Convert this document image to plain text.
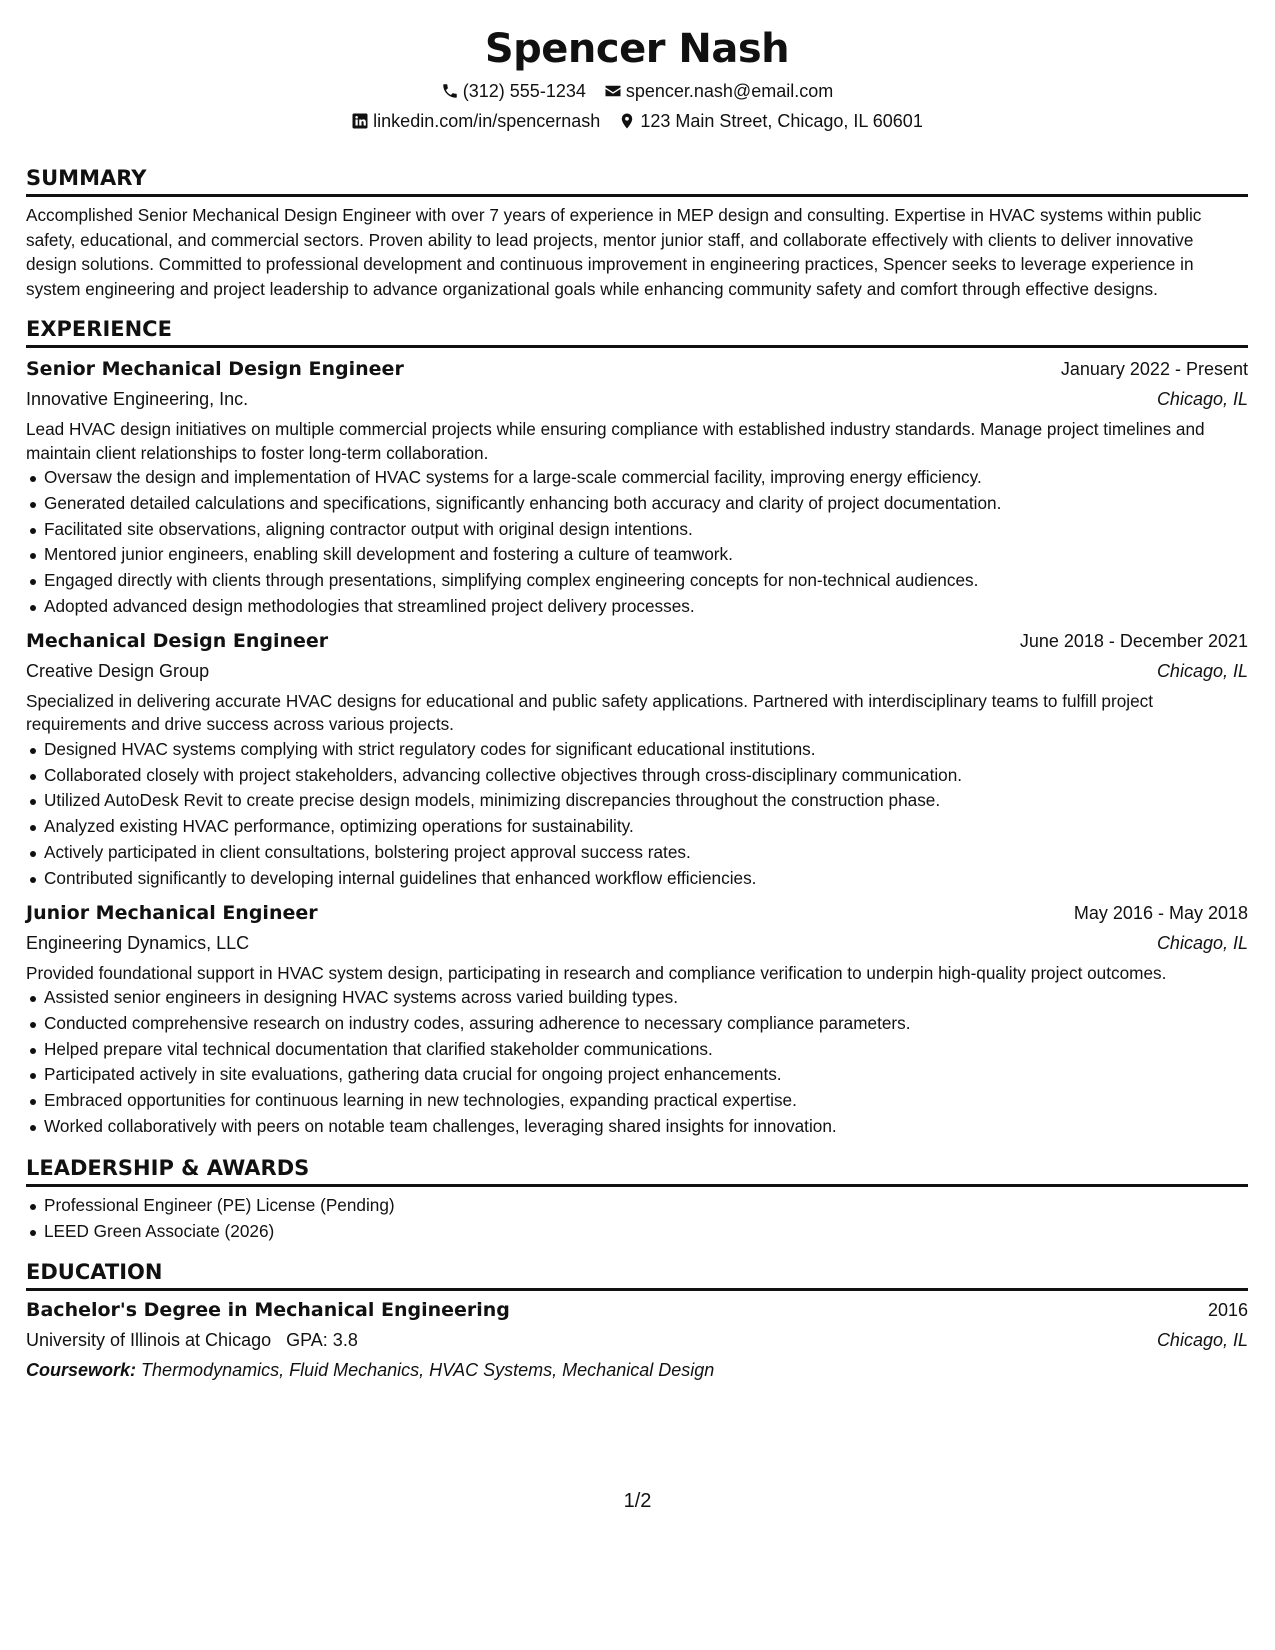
Spencer Nash
(312) 555-1234 spencer.nash@email.com
linkedin.com/in/spencernash 123 Main Street, Chicago, IL 60601
SUMMARY

Accomplished Senior Mechanical Design Engineer with over 7 years of experience in MEP design and consulting. Expertise in HVAC systems within public safety, educational, and commercial sectors. Proven ability to lead projects, mentor junior staff, and collaborate effectively with clients to deliver innovative design solutions. Committed to professional development and continuous improvement in engineering practices, Spencer seeks to leverage experience in system engineering and project leadership to advance organizational goals while enhancing community safety and comfort through effective designs.

EXPERIENCE
Senior Mechanical Design Engineer	January 2022 - Present
Innovative Engineering, Inc.	Chicago, IL

Lead HVAC design initiatives on multiple commercial projects while ensuring compliance with established industry standards. Manage project timelines and maintain client relationships to foster long-term collaboration.

Oversaw the design and implementation of HVAC systems for a large-scale commercial facility, improving energy efficiency.
Generated detailed calculations and specifications, significantly enhancing both accuracy and clarity of project documentation.
Facilitated site observations, aligning contractor output with original design intentions.
Mentored junior engineers, enabling skill development and fostering a culture of teamwork.
Engaged directly with clients through presentations, simplifying complex engineering concepts for non-technical audiences.
Adopted advanced design methodologies that streamlined project delivery processes.
Mechanical Design Engineer	June 2018 - December 2021
Creative Design Group	Chicago, IL

Specialized in delivering accurate HVAC designs for educational and public safety applications. Partnered with interdisciplinary teams to fulfill project requirements and drive success across various projects.

Designed HVAC systems complying with strict regulatory codes for significant educational institutions.
Collaborated closely with project stakeholders, advancing collective objectives through cross-disciplinary communication.
Utilized AutoDesk Revit to create precise design models, minimizing discrepancies throughout the construction phase.
Analyzed existing HVAC performance, optimizing operations for sustainability.
Actively participated in client consultations, bolstering project approval success rates.
Contributed significantly to developing internal guidelines that enhanced workflow efficiencies.
Junior Mechanical Engineer	May 2016 - May 2018
Engineering Dynamics, LLC	Chicago, IL

Provided foundational support in HVAC system design, participating in research and compliance verification to underpin high-quality project outcomes.

Assisted senior engineers in designing HVAC systems across varied building types.
Conducted comprehensive research on industry codes, assuring adherence to necessary compliance parameters.
Helped prepare vital technical documentation that clarified stakeholder communications.
Participated actively in site evaluations, gathering data crucial for ongoing project enhancements.
Embraced opportunities for continuous learning in new technologies, expanding practical expertise.
Worked collaboratively with peers on notable team challenges, leveraging shared insights for innovation.
LEADERSHIP & AWARDS
Professional Engineer (PE) License (Pending)
LEED Green Associate (2026)
EDUCATION
Bachelor's Degree in Mechanical Engineering	2016
University of Illinois at Chicago GPA: 3.8	Chicago, IL
Coursework: Thermodynamics, Fluid Mechanics, HVAC Systems, Mechanical Design
1/2
